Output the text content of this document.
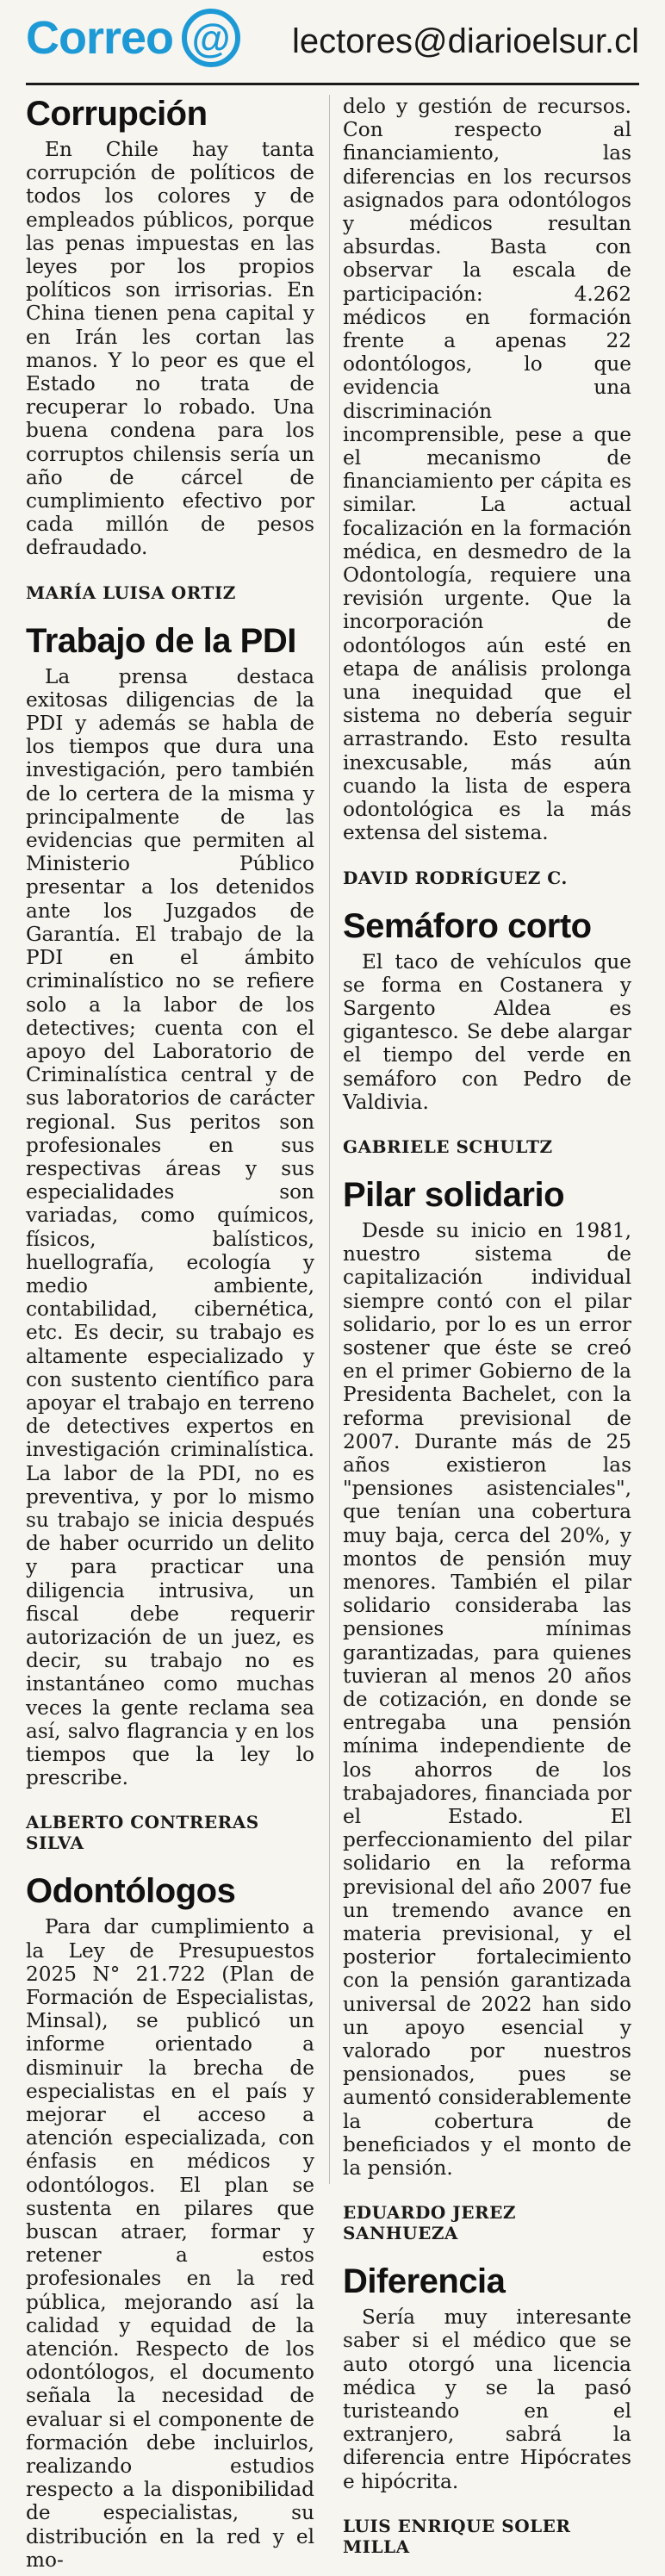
Correo @ lectores@diarioelsur.cl
Corrupción

En Chile hay tanta corrupción de políticos de todos los colores y de empleados públicos, porque las penas impuestas en las leyes por los propios políticos son irrisorias. En China tienen pena capital y en Irán les cortan las manos. Y lo peor es que el Estado no trata de recuperar lo robado. Una buena condena para los corruptos chilensis sería un año de cárcel de cumplimiento efectivo por cada millón de pesos defraudado.

MARÍA LUISA ORTIZ
Trabajo de la PDI

La prensa destaca exitosas diligencias de la PDI y además se habla de los tiempos que dura una investigación, pero también de lo certera de la misma y principalmente de las evidencias que permiten al Ministerio Público presentar a los detenidos ante los Juzgados de Garantía. El trabajo de la PDI en el ámbito criminalístico no se refiere solo a la labor de los detectives; cuenta con el apoyo del Laboratorio de Criminalística central y de sus laboratorios de carácter regional. Sus peritos son profesionales en sus respectivas áreas y sus especialidades son variadas, como químicos, físicos, balísticos, huellografía, ecología y medio ambiente, contabilidad, cibernética, etc. Es decir, su trabajo es altamente especializado y con sustento científico para apoyar el trabajo en terreno de detectives expertos en investigación criminalística. La labor de la PDI, no es preventiva, y por lo mismo su trabajo se inicia después de haber ocurrido un delito y para practicar una diligencia intrusiva, un fiscal debe requerir autorización de un juez, es decir, su trabajo no es instantáneo como muchas veces la gente reclama sea así, salvo flagrancia y en los tiempos que la ley lo prescribe.

ALBERTO CONTRERAS SILVA
Odontólogos

Para dar cumplimiento a la Ley de Presupuestos 2025 N° 21.722 (Plan de Formación de Especialistas, Minsal), se publicó un informe orientado a disminuir la brecha de especialistas en el país y mejorar el acceso a atención especializada, con énfasis en médicos y odontólogos. El plan se sustenta en pilares que buscan atraer, formar y retener a estos profesionales en la red pública, mejorando así la calidad y equidad de la atención. Respecto de los odontólogos, el documento señala la necesidad de evaluar si el componente de formación debe incluirlos, realizando estudios respecto a la disponibilidad de especialistas, su distribución en la red y el mo-

delo y gestión de recursos. Con respecto al financiamiento, las diferencias en los recursos asignados para odontólogos y médicos resultan absurdas. Basta con observar la escala de participación: 4.262 médicos en formación frente a apenas 22 odontólogos, lo que evidencia una discriminación incomprensible, pese a que el mecanismo de financiamiento per cápita es similar. La actual focalización en la formación médica, en desmedro de la Odontología, requiere una revisión urgente. Que la incorporación de odontólogos aún esté en etapa de análisis prolonga una inequidad que el sistema no debería seguir arrastrando. Esto resulta inexcusable, más aún cuando la lista de espera odontológica es la más extensa del sistema.

DAVID RODRÍGUEZ C.
Semáforo corto

El taco de vehículos que se forma en Costanera y Sargento Aldea es gigantesco. Se debe alargar el tiempo del verde en semáforo con Pedro de Valdivia.

GABRIELE SCHULTZ
Pilar solidario

Desde su inicio en 1981, nuestro sistema de capitalización individual siempre contó con el pilar solidario, por lo es un error sostener que éste se creó en el primer Gobierno de la Presidenta Bachelet, con la reforma previsional de 2007. Durante más de 25 años existieron las "pensiones asistenciales", que tenían una cobertura muy baja, cerca del 20%, y montos de pensión muy menores. También el pilar solidario consideraba las pensiones mínimas garantizadas, para quienes tuvieran al menos 20 años de cotización, en donde se entregaba una pensión mínima independiente de los ahorros de los trabajadores, financiada por el Estado. El perfeccionamiento del pilar solidario en la reforma previsional del año 2007 fue un tremendo avance en materia previsional, y el posterior fortalecimiento con la pensión garantizada universal de 2022 han sido un apoyo esencial y valorado por nuestros pensionados, pues se aumentó considerablemente la cobertura de beneficiados y el monto de la pensión.

EDUARDO JEREZ SANHUEZA
Diferencia

Sería muy interesante saber si el médico que se auto otorgó una licencia médica y se la pasó turisteando en el extranjero, sabrá la diferencia entre Hipócrates e hipócrita.

LUIS ENRIQUE SOLER MILLA
